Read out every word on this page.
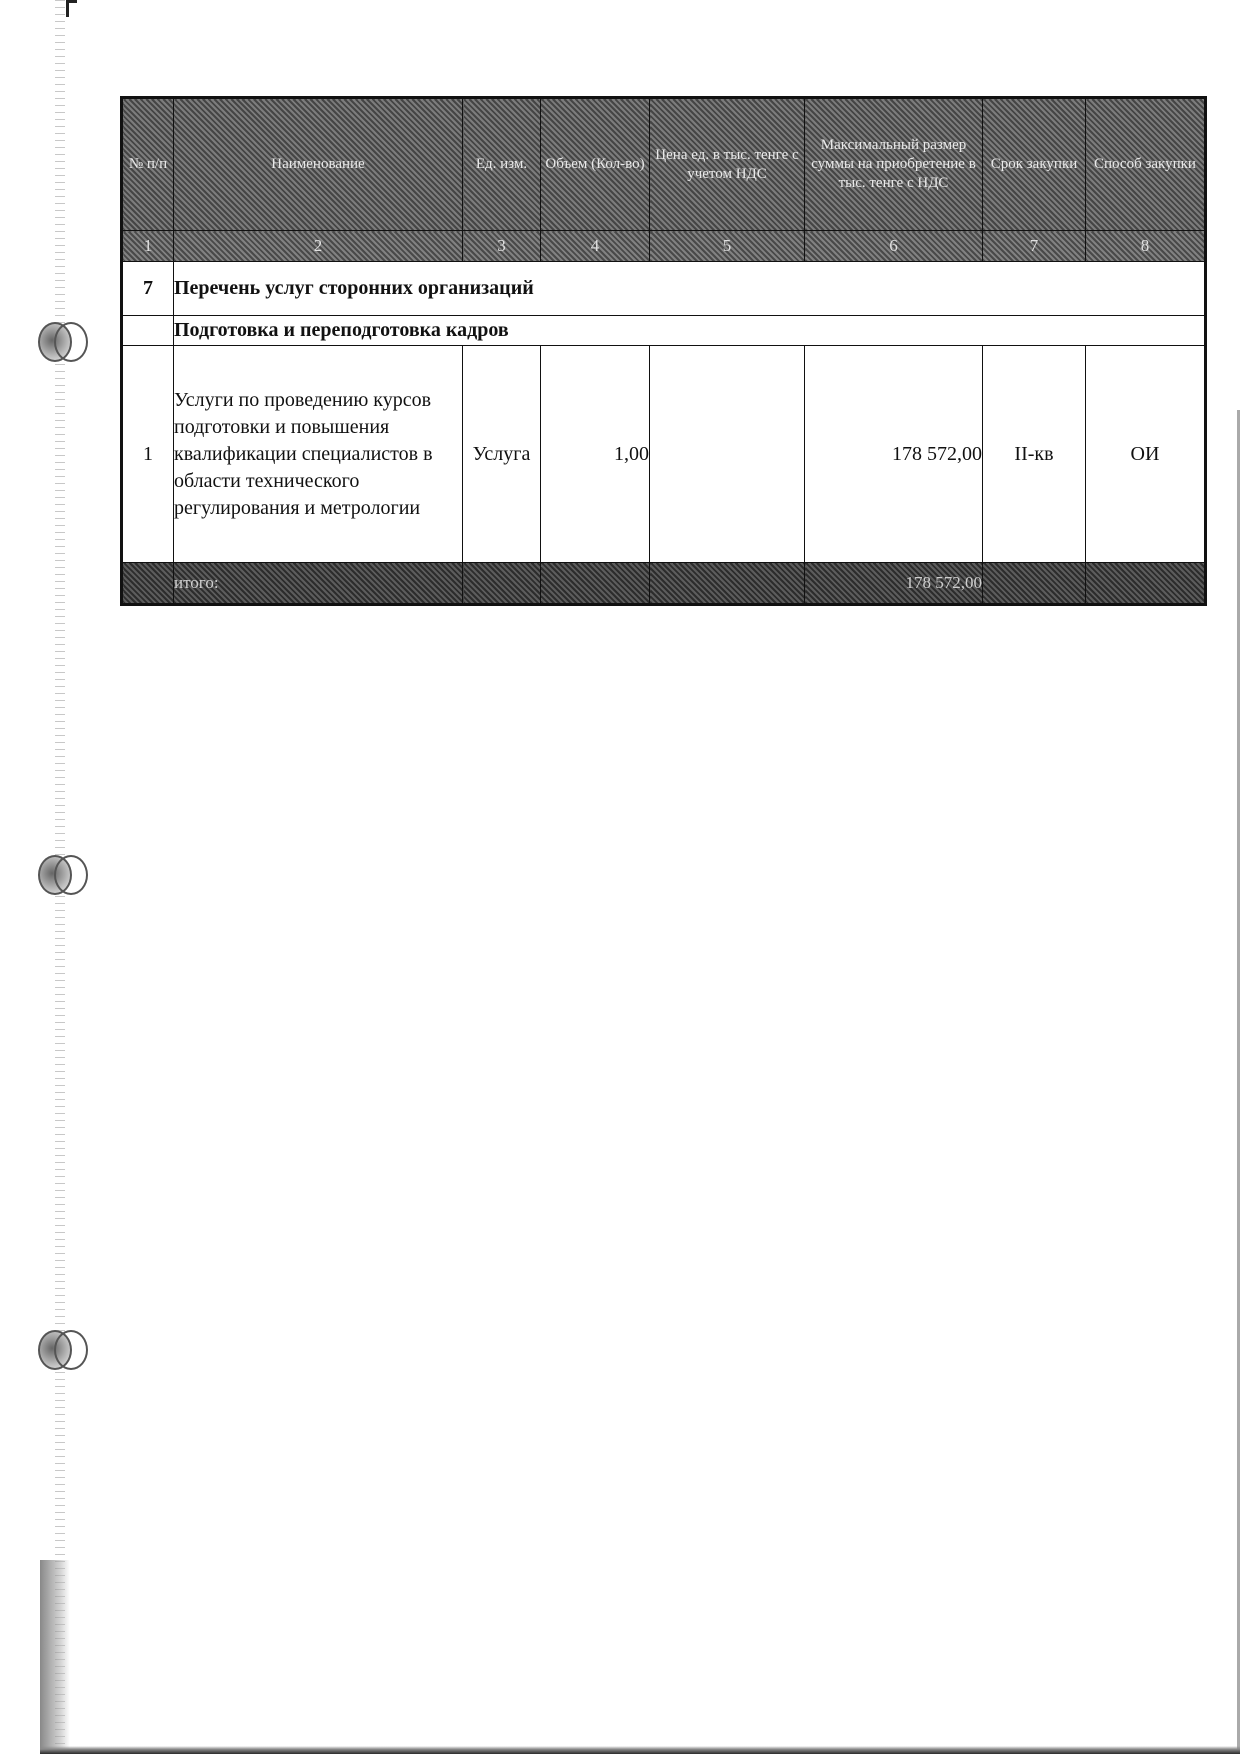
№ п/п	Наименование	Ед. изм.	Объем (Кол-во)	Цена ед. в тыс. тенге с учетом НДС	Максимальный размер суммы на приобретение в тыс. тенге с НДС	Срок закупки	Способ закупки
1	2	3	4	5	6	7	8
7	Перечень услуг сторонних организаций						
	Подготовка и переподготовка кадров						
1	Услуги по проведению курсов подготовки и повышения квалификации специалистов в области технического регулирования и метрологии	Услуга	1,00		178 572,00	II-кв	ОИ
	итого:				178 572,00		
